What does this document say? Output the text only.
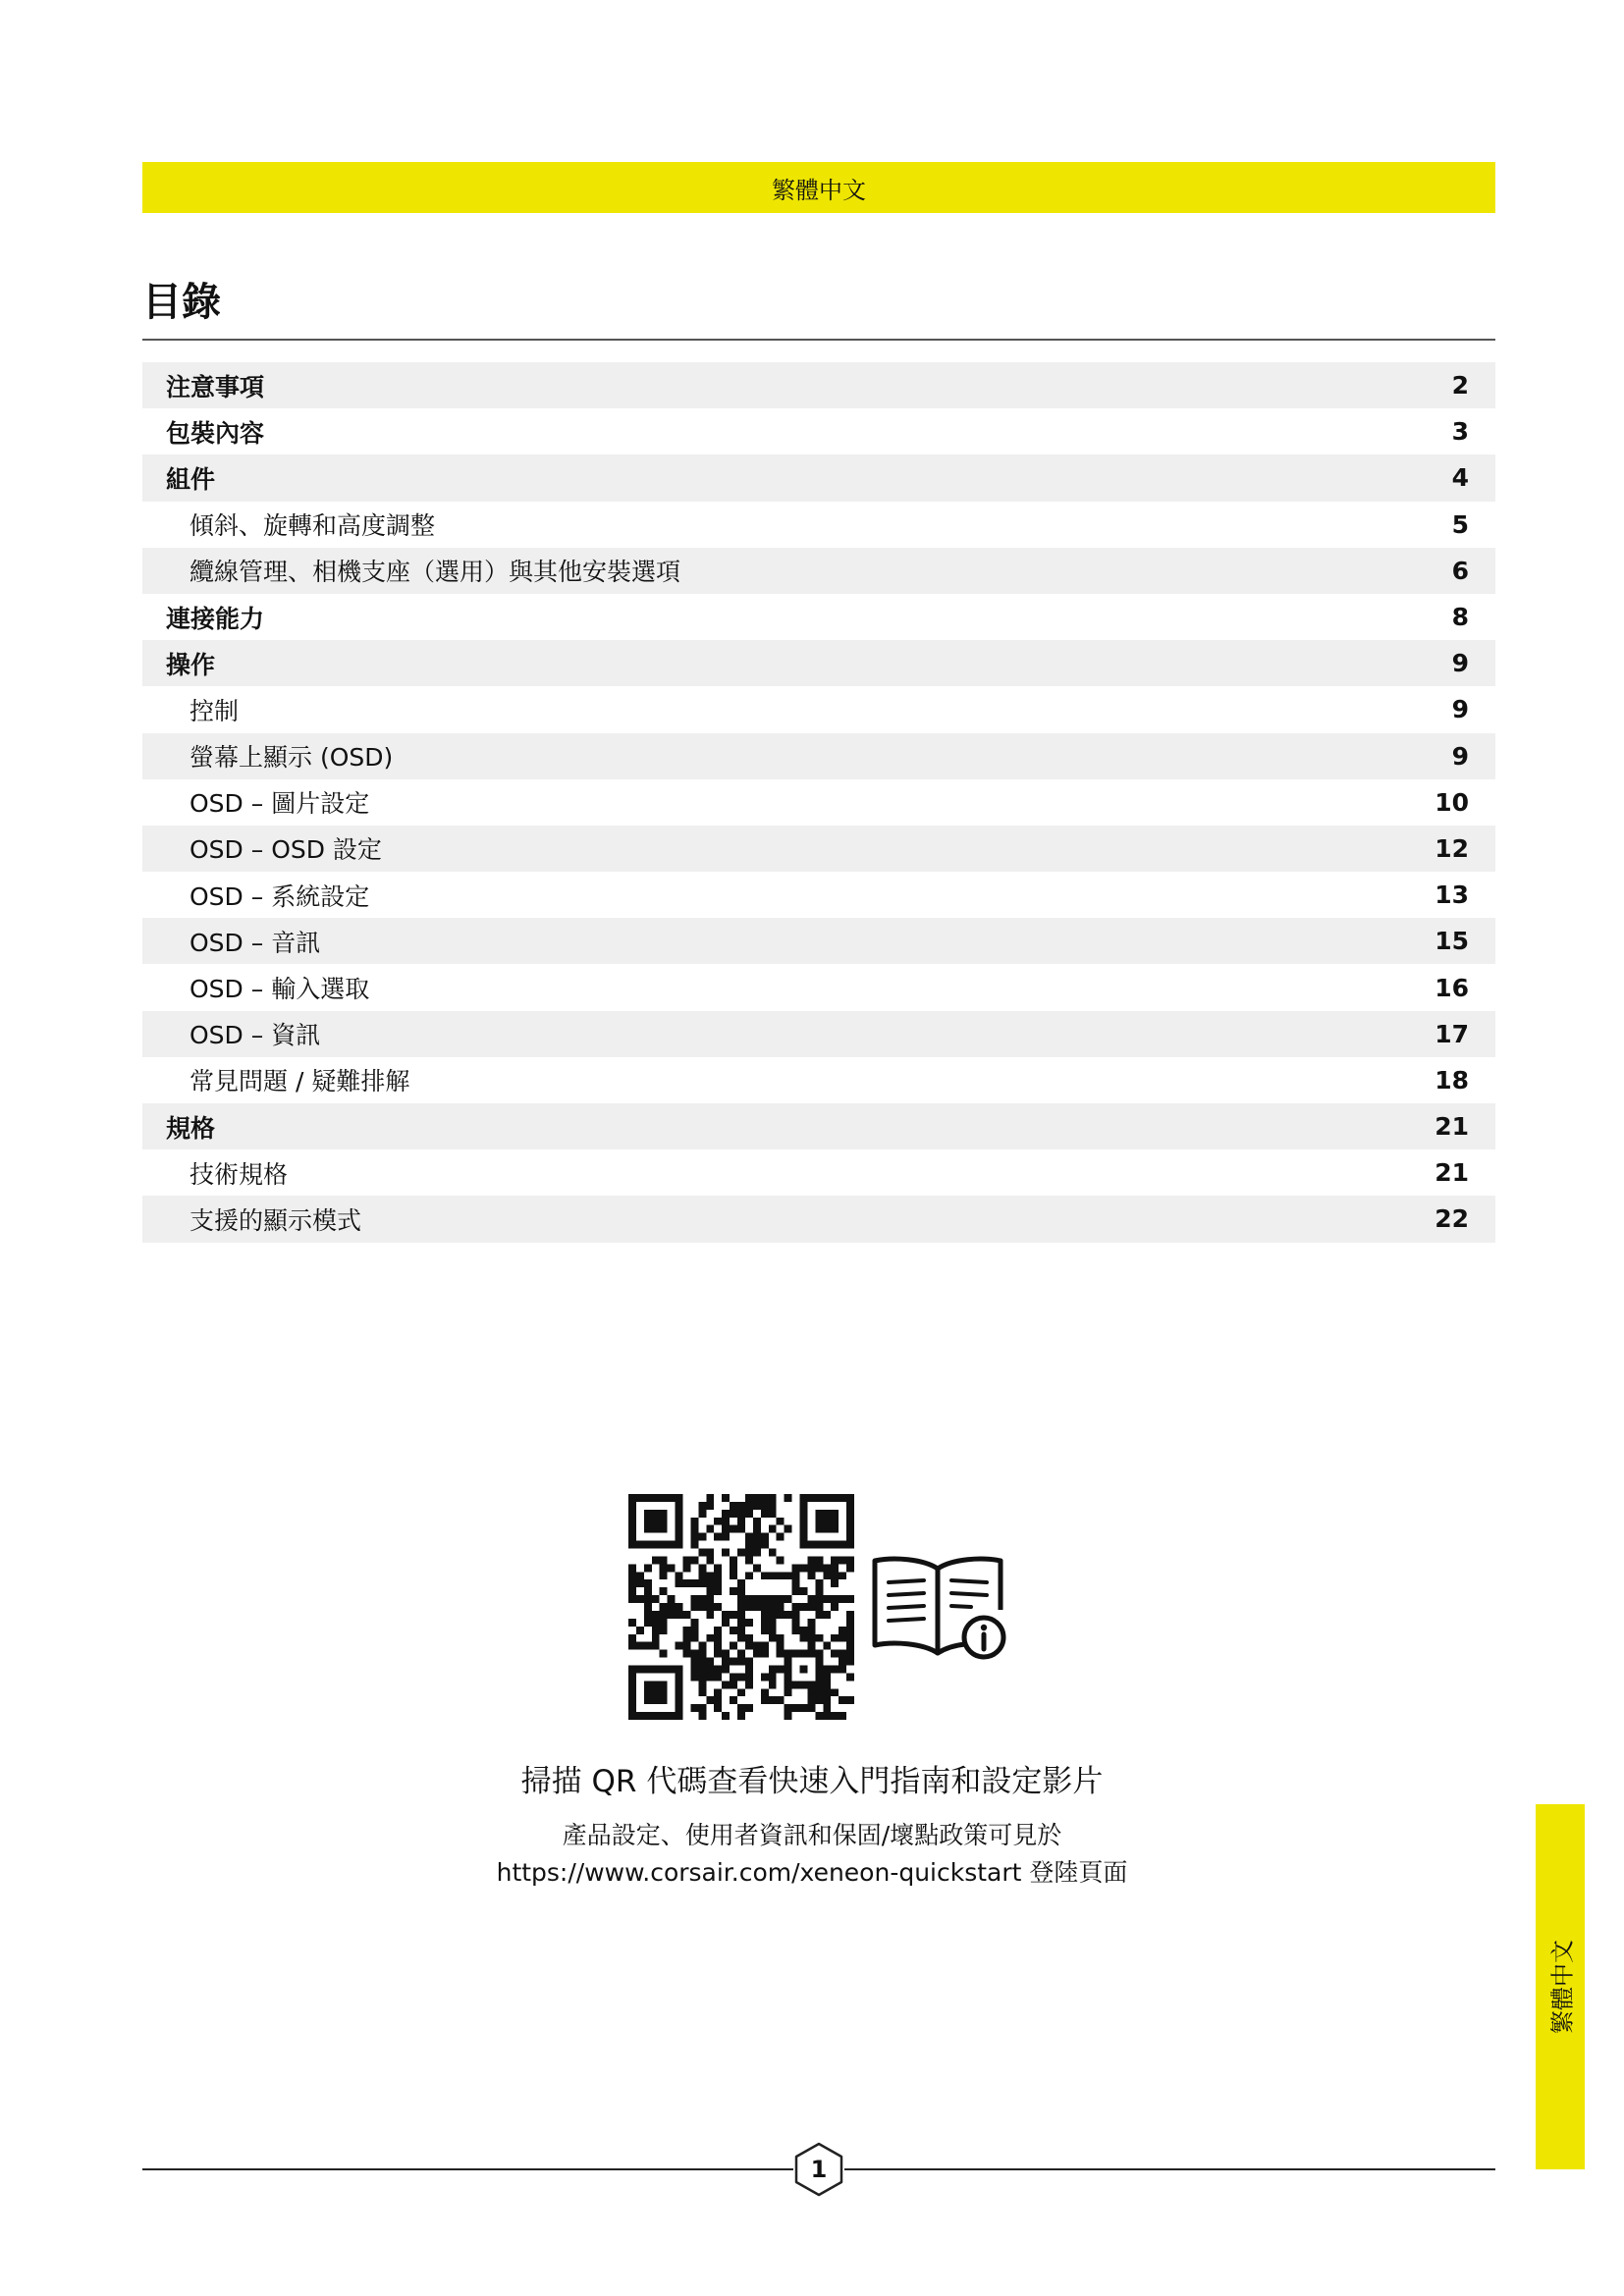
繁體中文
目錄
注意事項	2
包裝內容	3
組件	4
傾斜、旋轉和高度調整	5
纜線管理、相機支座（選用）與其他安裝選項	6
連接能力	8
操作	9
控制	9
螢幕上顯示 (OSD)	9
OSD – 圖片設定	10
OSD – OSD 設定	12
OSD – 系統設定	13
OSD – 音訊	15
OSD – 輸入選取	16
OSD – 資訊	17
常見問題 / 疑難排解	18
規格	21
技術規格	21
支援的顯示模式	22
掃描 QR 代碼查看快速入門指南和設定影片
產品設定、使用者資訊和保固/壞點政策可見於
https://www.corsair.com/xeneon-quickstart 登陸頁面
繁體中文
1
